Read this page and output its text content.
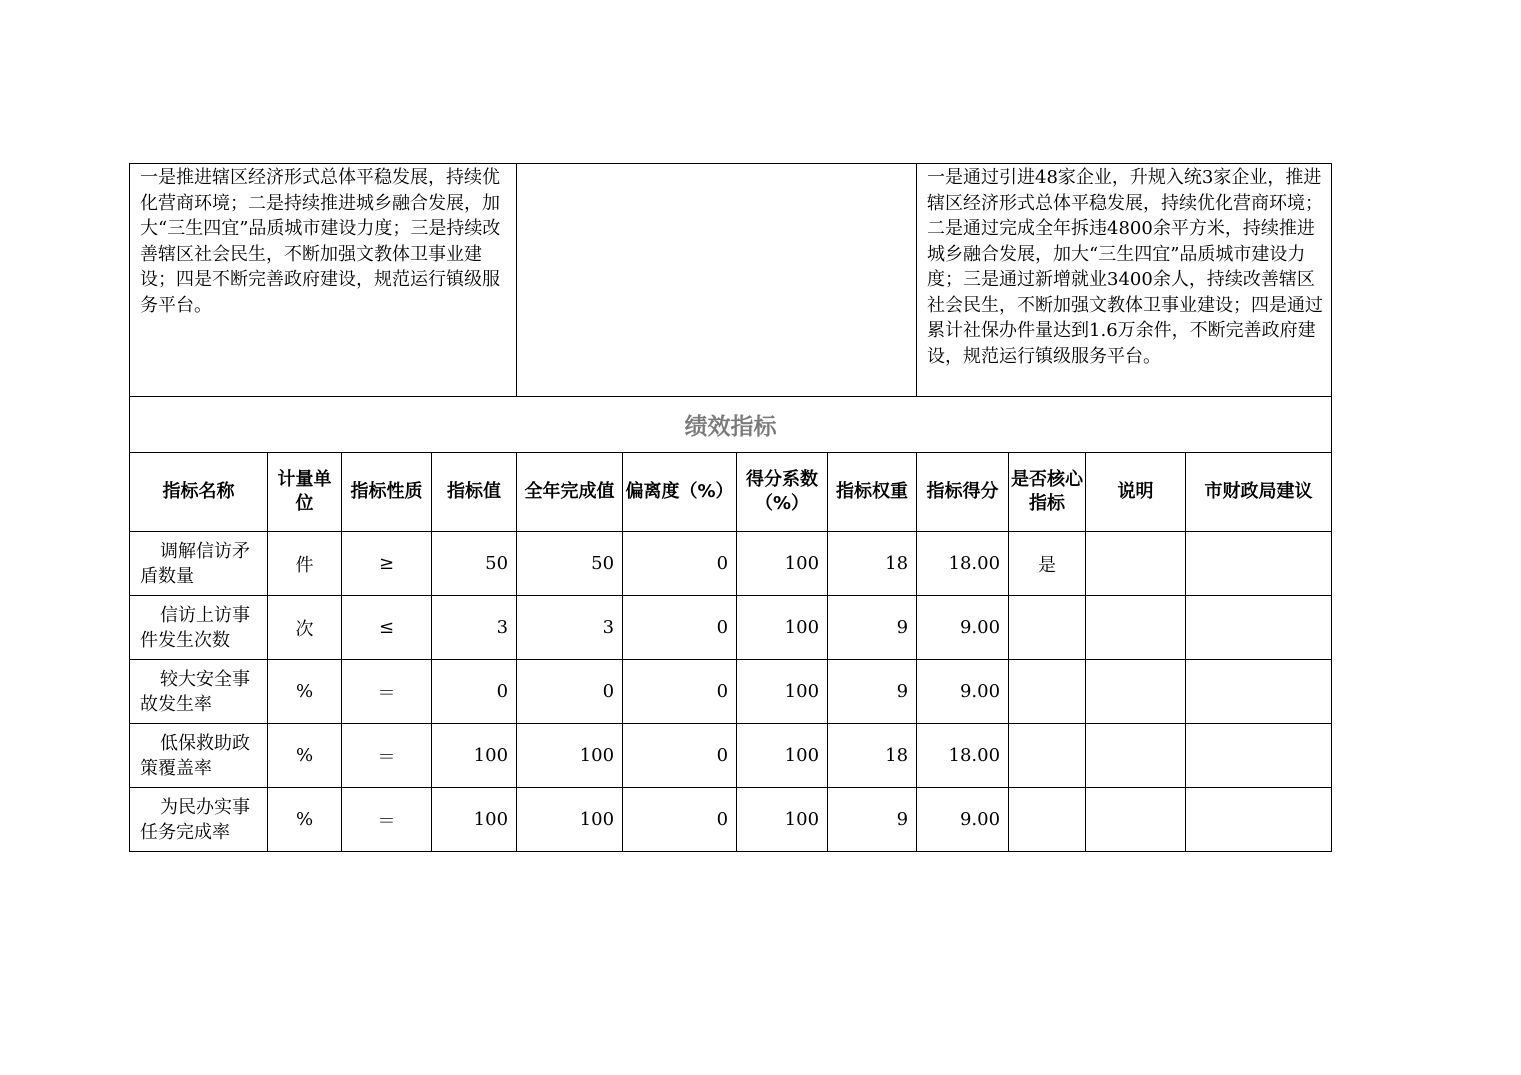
一是推进辖区经济形式总体平稳发展，持续优化营商环境；二是持续推进城乡融合发展，加大“三生四宜”品质城市建设力度；三是持续改善辖区社会民生，不断加强文教体卫事业建设；四是不断完善政府建设，规范运行镇级服务平台。								一是通过引进48家企业，升规入统3家企业，推进辖区经济形式总体平稳发展，持续优化营商环境；二是通过完成全年拆违4800余平方米，持续推进城乡融合发展，加大“三生四宜”品质城市建设力度；三是通过新增就业3400余人，持续改善辖区社会民生，不断加强文教体卫事业建设；四是通过累计社保办件量达到1.6万余件，不断完善政府建设，规范运行镇级服务平台。			
绩效指标											
指标名称	计量单位	指标性质	指标值	全年完成值	偏离度（%）	得分系数（%）	指标权重	指标得分	是否核心指标	说明	市财政局建议
调解信访矛盾数量	件	≥	50	50	0	100	18	18.00	是		
信访上访事件发生次数	次	≤	3	3	0	100	9	9.00			
较大安全事故发生率	%	＝	0	0	0	100	9	9.00			
低保救助政策覆盖率	%	＝	100	100	0	100	18	18.00			
为民办实事任务完成率	%	＝	100	100	0	100	9	9.00			
